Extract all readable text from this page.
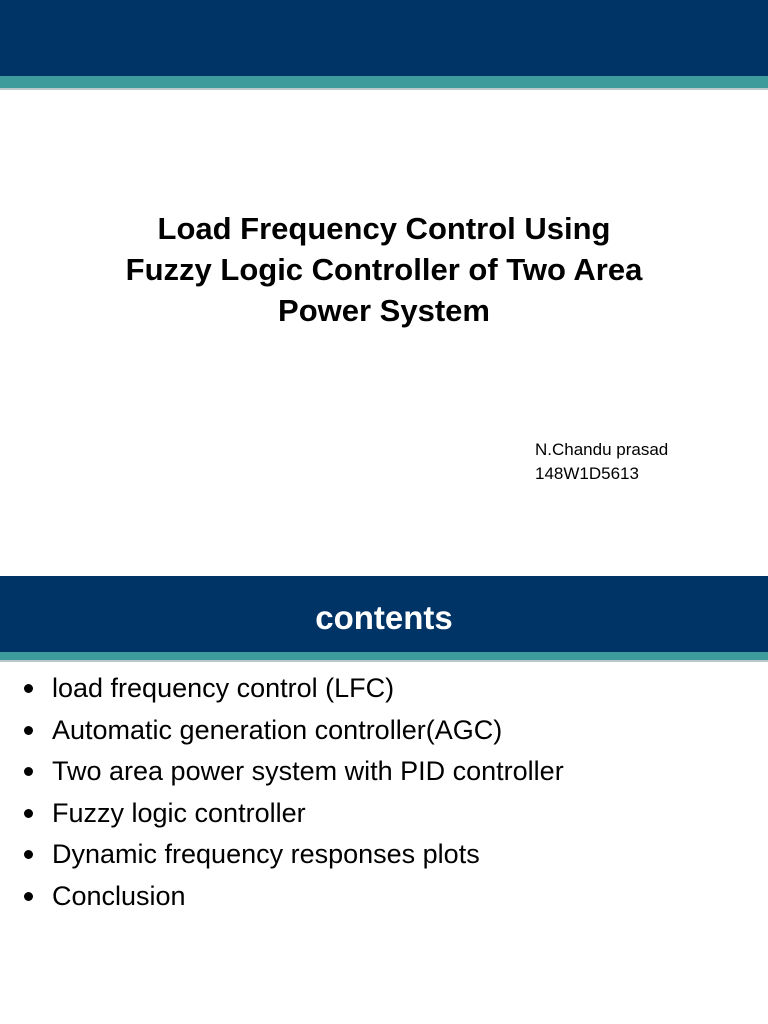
Load Frequency Control Using
Fuzzy Logic Controller of Two Area
Power System
N.Chandu prasad
148W1D5613
contents
load frequency control (LFC)
Automatic generation controller(AGC)
Two area power system with PID controller
Fuzzy logic controller
Dynamic frequency responses plots
Conclusion
